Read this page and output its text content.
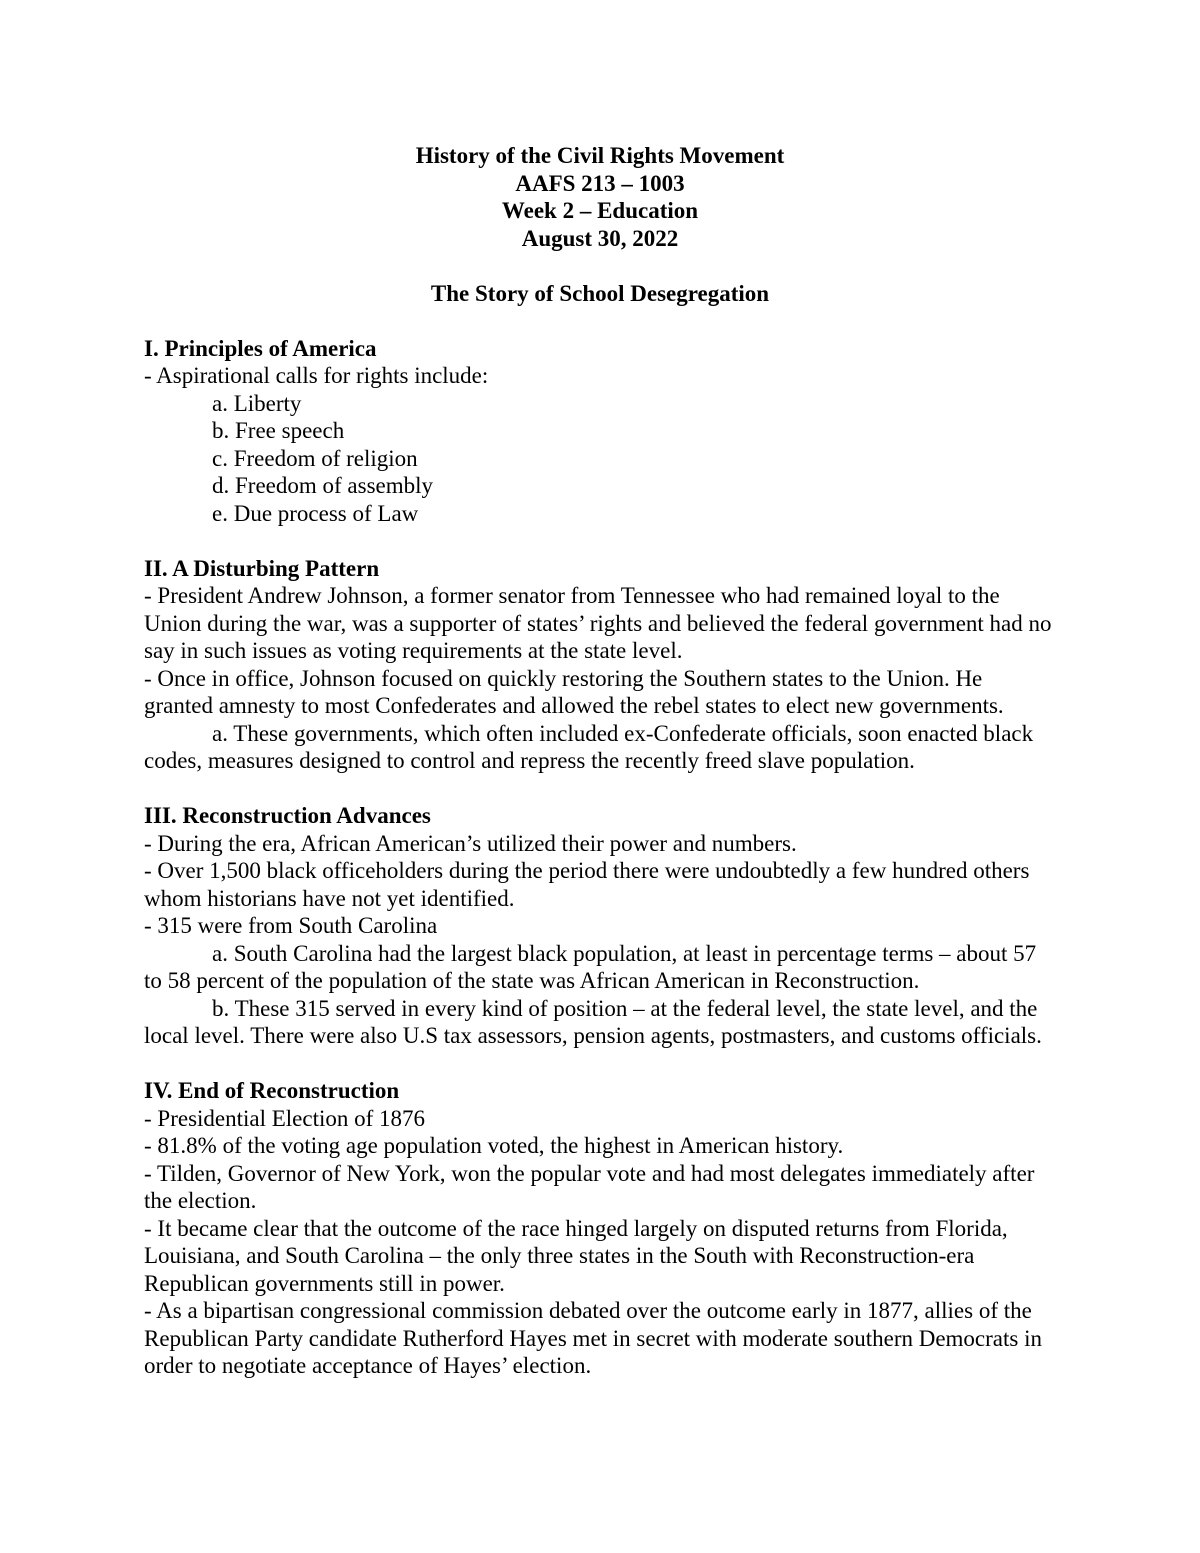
History of the Civil Rights Movement
AAFS 213 – 1003
Week 2 – Education
August 30, 2022
The Story of School Desegregation
I. Principles of America

- Aspirational calls for rights include:

a. Liberty

b. Free speech

c. Freedom of religion

d. Freedom of assembly

e. Due process of Law

II. A Disturbing Pattern

- President Andrew Johnson, a former senator from Tennessee who had remained loyal to the Union during the war, was a supporter of states’ rights and believed the federal government had no say in such issues as voting requirements at the state level.

- Once in office, Johnson focused on quickly restoring the Southern states to the Union. He granted amnesty to most Confederates and allowed the rebel states to elect new governments.

a. These governments, which often included ex-Confederate officials, soon enacted black codes, measures designed to control and repress the recently freed slave population.

III. Reconstruction Advances

- During the era, African American’s utilized their power and numbers.

- Over 1,500 black officeholders during the period there were undoubtedly a few hundred others whom historians have not yet identified.

- 315 were from South Carolina

a. South Carolina had the largest black population, at least in percentage terms – about 57 to 58 percent of the population of the state was African American in Reconstruction.

b. These 315 served in every kind of position – at the federal level, the state level, and the local level. There were also U.S tax assessors, pension agents, postmasters, and customs officials.

IV. End of Reconstruction

- Presidential Election of 1876

- 81.8% of the voting age population voted, the highest in American history.

- Tilden, Governor of New York, won the popular vote and had most delegates immediately after the election.

- It became clear that the outcome of the race hinged largely on disputed returns from Florida, Louisiana, and South Carolina – the only three states in the South with Reconstruction-era Republican governments still in power.

- As a bipartisan congressional commission debated over the outcome early in 1877, allies of the Republican Party candidate Rutherford Hayes met in secret with moderate southern Democrats in order to negotiate acceptance of Hayes’ election.
